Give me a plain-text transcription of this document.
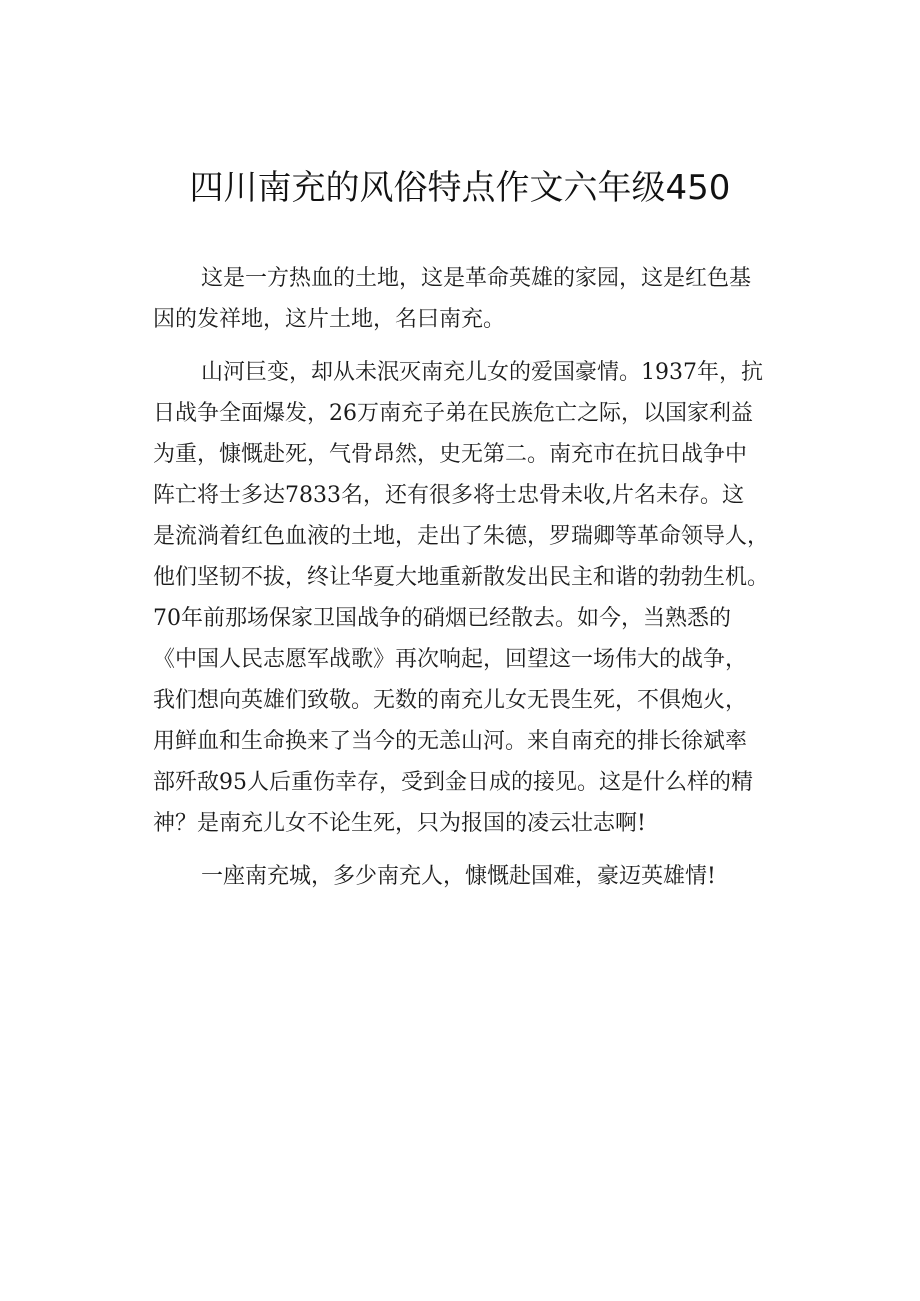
四川南充的风俗特点作文六年级450

这是一方热血的土地，这是革命英雄的家园，这是红色基
因的发祥地，这片土地，名曰南充。

山河巨变，却从未泯灭南充儿女的爱国豪情。1937年，抗
日战争全面爆发，26万南充子弟在民族危亡之际，以国家利益
为重，慷慨赴死，气骨昂然，史无第二。南充市在抗日战争中
阵亡将士多达7833名，还有很多将士忠骨未收,片名未存。这
是流淌着红色血液的土地，走出了朱德，罗瑞卿等革命领导人，
他们坚韧不拔，终让华夏大地重新散发出民主和谐的勃勃生机。
70年前那场保家卫国战争的硝烟已经散去。如今，当熟悉的
《中国人民志愿军战歌》再次响起，回望这一场伟大的战争，
我们想向英雄们致敬。无数的南充儿女无畏生死，不俱炮火，
用鲜血和生命换来了当今的无恙山河。来自南充的排长徐斌率
部歼敌95人后重伤幸存，受到金日成的接见。这是什么样的精
神？是南充儿女不论生死，只为报国的凌云壮志啊!

一座南充城，多少南充人，慷慨赴国难，豪迈英雄情!
